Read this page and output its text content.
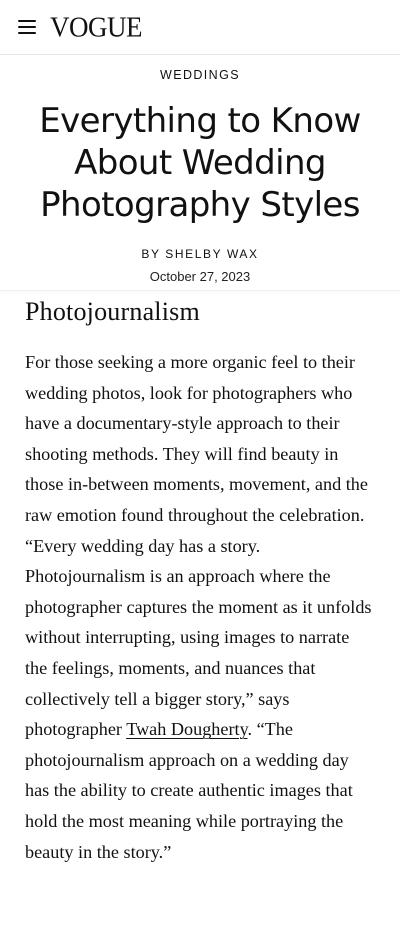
VOGUE
WEDDINGS
Everything to Know About Wedding Photography Styles
BY SHELBY WAX
October 27, 2023
Photojournalism

For those seeking a more organic feel to their wedding photos, look for photographers who have a documentary-style approach to their shooting methods. They will find beauty in those in-between moments, movement, and the raw emotion found throughout the celebration. “Every wedding day has a story. Photojournalism is an approach where the photographer captures the moment as it unfolds without interrupting, using images to narrate the feelings, moments, and nuances that collectively tell a bigger story,” says photographer Twah Dougherty. “The photojournalism approach on a wedding day has the ability to create authentic images that hold the most meaning while portraying the beauty in the story.”
